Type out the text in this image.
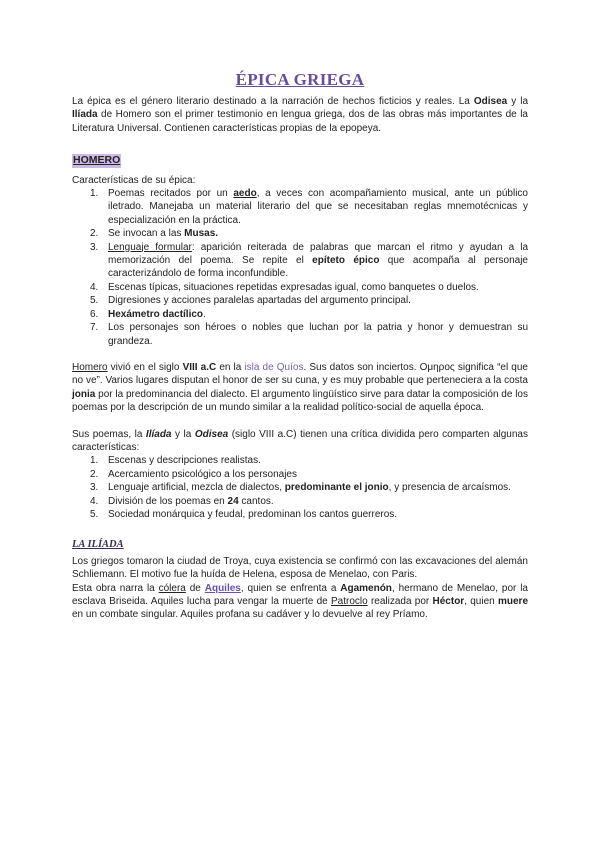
ÉPICA GRIEGA

La épica es el género literario destinado a la narración de hechos ficticios y reales. La Odisea y la Ilíada de Homero son el primer testimonio en lengua griega, dos de las obras más importantes de la Literatura Universal. Contienen características propias de la epopeya.

HOMERO

Características de su épica:

1. Poemas recitados por un aedo, a veces con acompañamiento musical, ante un público iletrado. Manejaba un material literario del que se necesitaban reglas mnemotécnicas y especialización en la práctica.
2. Se invocan a las Musas.
3. Lenguaje formular: aparición reiterada de palabras que marcan el ritmo y ayudan a la memorización del poema. Se repite el epíteto épico que acompaña al personaje caracterizándolo de forma inconfundible.
4. Escenas típicas, situaciones repetidas expresadas igual, como banquetes o duelos.
5. Digresiones y acciones paralelas apartadas del argumento principal.
6. Hexámetro dactílico.
7. Los personajes son héroes o nobles que luchan por la patria y honor y demuestran su grandeza.

Homero vivió en el siglo VIII a.C en la isla de Quíos. Sus datos son inciertos. Ομηρος significa “el que no ve”. Varios lugares disputan el honor de ser su cuna, y es muy probable que perteneciera a la costa jonia por la predominancia del dialecto. El argumento lingüístico sirve para datar la composición de los poemas por la descripción de un mundo similar a la realidad político-social de aquella época.

Sus poemas, la Ilíada y la Odisea (siglo VIII a.C) tienen una crítica dividida pero comparten algunas características:

1. Escenas y descripciones realistas.
2. Acercamiento psicológico a los personajes
3. Lenguaje artificial, mezcla de dialectos, predominante el jonio, y presencia de arcaísmos.
4. División de los poemas en 24 cantos.
5. Sociedad monárquica y feudal, predominan los cantos guerreros.
LA ILÍADA

Los griegos tomaron la ciudad de Troya, cuya existencia se confirmó con las excavaciones del alemán Schliemann. El motivo fue la huída de Helena, esposa de Menelao, con Paris.

Esta obra narra la cólera de Aquiles, quien se enfrenta a Agamenón, hermano de Menelao, por la esclava Briseida. Aquiles lucha para vengar la muerte de Patroclo realizada por Héctor, quien muere en un combate singular. Aquiles profana su cadáver y lo devuelve al rey Príamo.
